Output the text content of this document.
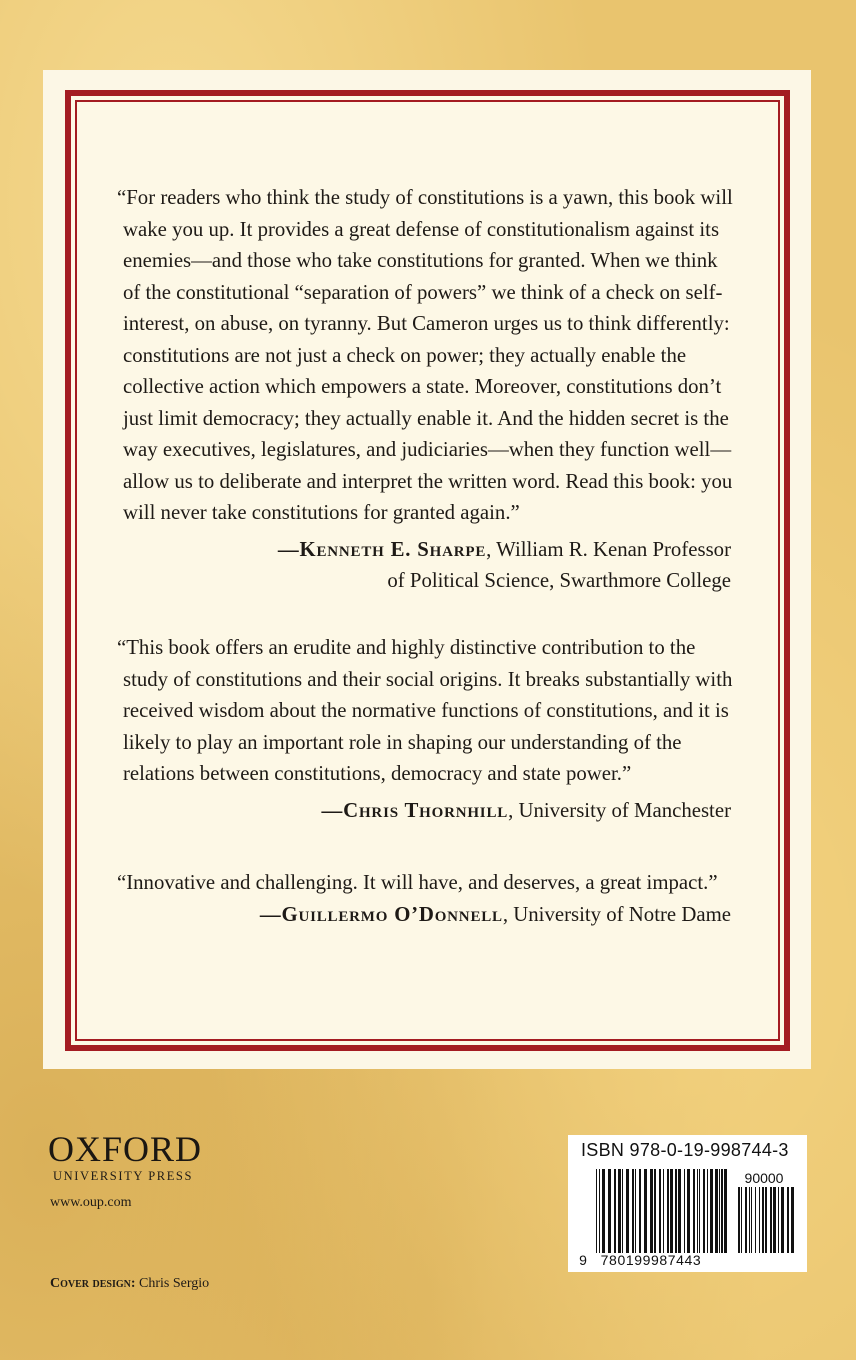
“For readers who think the study of constitutions is a yawn, this book will wake you up. It provides a great defense of constitutionalism against its enemies—and those who take constitutions for granted. When we think of the constitutional “separation of powers” we think of a check on self-interest, on abuse, on tyranny. But Cameron urges us to think differently: constitutions are not just a check on power; they actually enable the collective action which empowers a state. Moreover, constitutions don’t just limit democracy; they actually enable it. And the hidden secret is the way executives, legislatures, and judiciaries—when they function well—allow us to deliberate and interpret the written word. Read this book: you will never take constitutions for granted again.”

—Kenneth E. Sharpe, William R. Kenan Professor
of Political Science, Swarthmore College

“This book offers an erudite and highly distinctive contribution to the study of constitutions and their social origins. It breaks substantially with received wisdom about the normative functions of constitutions, and it is likely to play an important role in shaping our understanding of the relations between constitutions, democracy and state power.”

—Chris Thornhill, University of Manchester

“Innovative and challenging. It will have, and deserves, a great impact.”

—Guillermo O’Donnell, University of Notre Dame

OXFORD
UNIVERSITY PRESS
www.oup.com
Cover design: Chris Sergio
ISBN 978-0-19-998744-3
90000
9 780199987443
